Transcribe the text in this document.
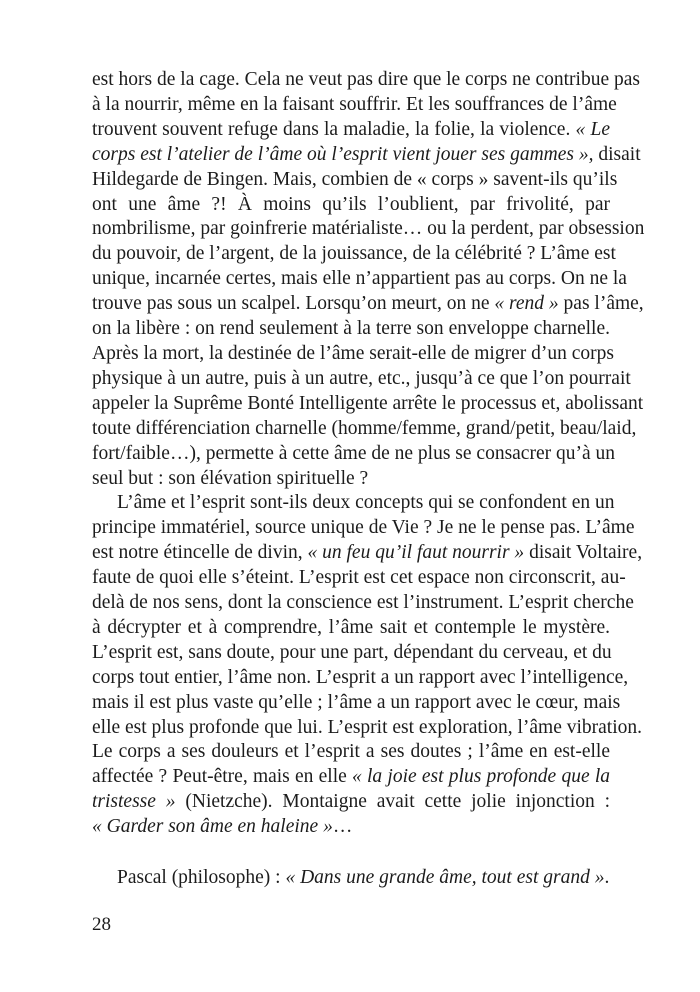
est hors de la cage. Cela ne veut pas dire que le corps ne contribue pas
à la nourrir, même en la faisant souffrir. Et les souffrances de l’âme
trouvent souvent refuge dans la maladie, la folie, la violence. « Le
corps est l’atelier de l’âme où l’esprit vient jouer ses gammes », disait
Hildegarde de Bingen. Mais, combien de « corps » savent-ils qu’ils
ont une âme ?! À moins qu’ils l’oublient, par frivolité, par
nombrilisme, par goinfrerie matérialiste… ou la perdent, par obsession
du pouvoir, de l’argent, de la jouissance, de la célébrité ? L’âme est
unique, incarnée certes, mais elle n’appartient pas au corps. On ne la
trouve pas sous un scalpel. Lorsqu’on meurt, on ne « rend » pas l’âme,
on la libère : on rend seulement à la terre son enveloppe charnelle.
Après la mort, la destinée de l’âme serait-elle de migrer d’un corps
physique à un autre, puis à un autre, etc., jusqu’à ce que l’on pourrait
appeler la Suprême Bonté Intelligente arrête le processus et, abolissant
toute différenciation charnelle (homme/femme, grand/petit, beau/laid,
fort/faible…), permette à cette âme de ne plus se consacrer qu’à un
seul but : son élévation spirituelle ?
L’âme et l’esprit sont-ils deux concepts qui se confondent en un
principe immatériel, source unique de Vie ? Je ne le pense pas. L’âme
est notre étincelle de divin, « un feu qu’il faut nourrir » disait Voltaire,
faute de quoi elle s’éteint. L’esprit est cet espace non circonscrit, au-
delà de nos sens, dont la conscience est l’instrument. L’esprit cherche
à décrypter et à comprendre, l’âme sait et contemple le mystère.
L’esprit est, sans doute, pour une part, dépendant du cerveau, et du
corps tout entier, l’âme non. L’esprit a un rapport avec l’intelligence,
mais il est plus vaste qu’elle ; l’âme a un rapport avec le cœur, mais
elle est plus profonde que lui. L’esprit est exploration, l’âme vibration.
Le corps a ses douleurs et l’esprit a ses doutes ; l’âme en est-elle
affectée ? Peut-être, mais en elle « la joie est plus profonde que la
tristesse » (Nietzche). Montaigne avait cette jolie injonction :
« Garder son âme en haleine »…
Pascal (philosophe) : « Dans une grande âme, tout est grand ».
28
